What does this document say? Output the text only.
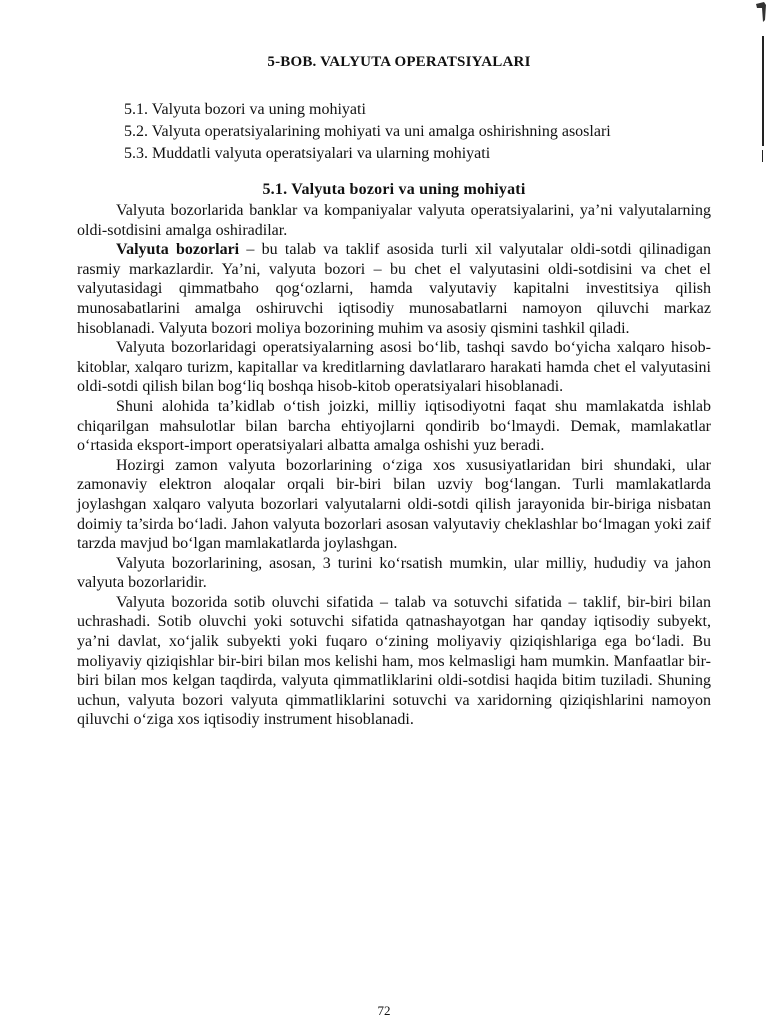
5-BOB. VALYUTA OPERATSIYALARI

5.1. Valyuta bozori va uning mohiyati

5.2. Valyuta operatsiyalarining mohiyati va uni amalga oshirishning asoslari

5.3. Muddatli valyuta operatsiyalari va ularning mohiyati

5.1. Valyuta bozori va uning mohiyati

Valyuta bozorlarida banklar va kompaniyalar valyuta operatsiyalarini, ya’ni valyutalarning oldi-sotdisini amalga oshiradilar.

Valyuta bozorlari – bu talab va taklif asosida turli xil valyutalar oldi-sotdi qilinadigan rasmiy markazlardir. Ya’ni, valyuta bozori – bu chet el valyutasini oldi-sotdisini va chet el valyutasidagi qimmatbaho qog‘ozlarni, hamda valyutaviy kapitalni investitsiya qilish munosabatlarini amalga oshiruvchi iqtisodiy munosabatlarni namoyon qiluvchi markaz hisoblanadi. Valyuta bozori moliya bozorining muhim va asosiy qismini tashkil qiladi.

Valyuta bozorlaridagi operatsiyalarning asosi bo‘lib, tashqi savdo bo‘yicha xalqaro hisob-kitoblar, xalqaro turizm, kapitallar va kreditlarning davlatlararo harakati hamda chet el valyutasini oldi-sotdi qilish bilan bog‘liq boshqa hisob-kitob operatsiyalari hisoblanadi.

Shuni alohida ta’kidlab o‘tish joizki, milliy iqtisodiyotni faqat shu mamlakatda ishlab chiqarilgan mahsulotlar bilan barcha ehtiyojlarni qondirib bo‘lmaydi. Demak, mamlakatlar o‘rtasida eksport-import operatsiyalari albatta amalga oshishi yuz beradi.

Hozirgi zamon valyuta bozorlarining o‘ziga xos xususiyatlaridan biri shundaki, ular zamonaviy elektron aloqalar orqali bir-biri bilan uzviy bog‘langan. Turli mamlakatlarda joylashgan xalqaro valyuta bozorlari valyutalarni oldi-sotdi qilish jarayonida bir-biriga nisbatan doimiy ta’sirda bo‘ladi. Jahon valyuta bozorlari asosan valyutaviy cheklashlar bo‘lmagan yoki zaif tarzda mavjud bo‘lgan mamlakatlarda joylashgan.

Valyuta bozorlarining, asosan, 3 turini ko‘rsatish mumkin, ular milliy, hududiy va jahon valyuta bozorlaridir.

Valyuta bozorida sotib oluvchi sifatida – talab va sotuvchi sifatida – taklif, bir-biri bilan uchrashadi. Sotib oluvchi yoki sotuvchi sifatida qatnashayotgan har qanday iqtisodiy subyekt, ya’ni davlat, xo‘jalik subyekti yoki fuqaro o‘zining moliyaviy qiziqishlariga ega bo‘ladi. Bu moliyaviy qiziqishlar bir-biri bilan mos kelishi ham, mos kelmasligi ham mumkin. Manfaatlar bir-biri bilan mos kelgan taqdirda, valyuta qimmatliklarini oldi-sotdisi haqida bitim tuziladi. Shuning uchun, valyuta bozori valyuta qimmatliklarini sotuvchi va xaridorning qiziqishlarini namoyon qiluvchi o‘ziga xos iqtisodiy instrument hisoblanadi.

72
